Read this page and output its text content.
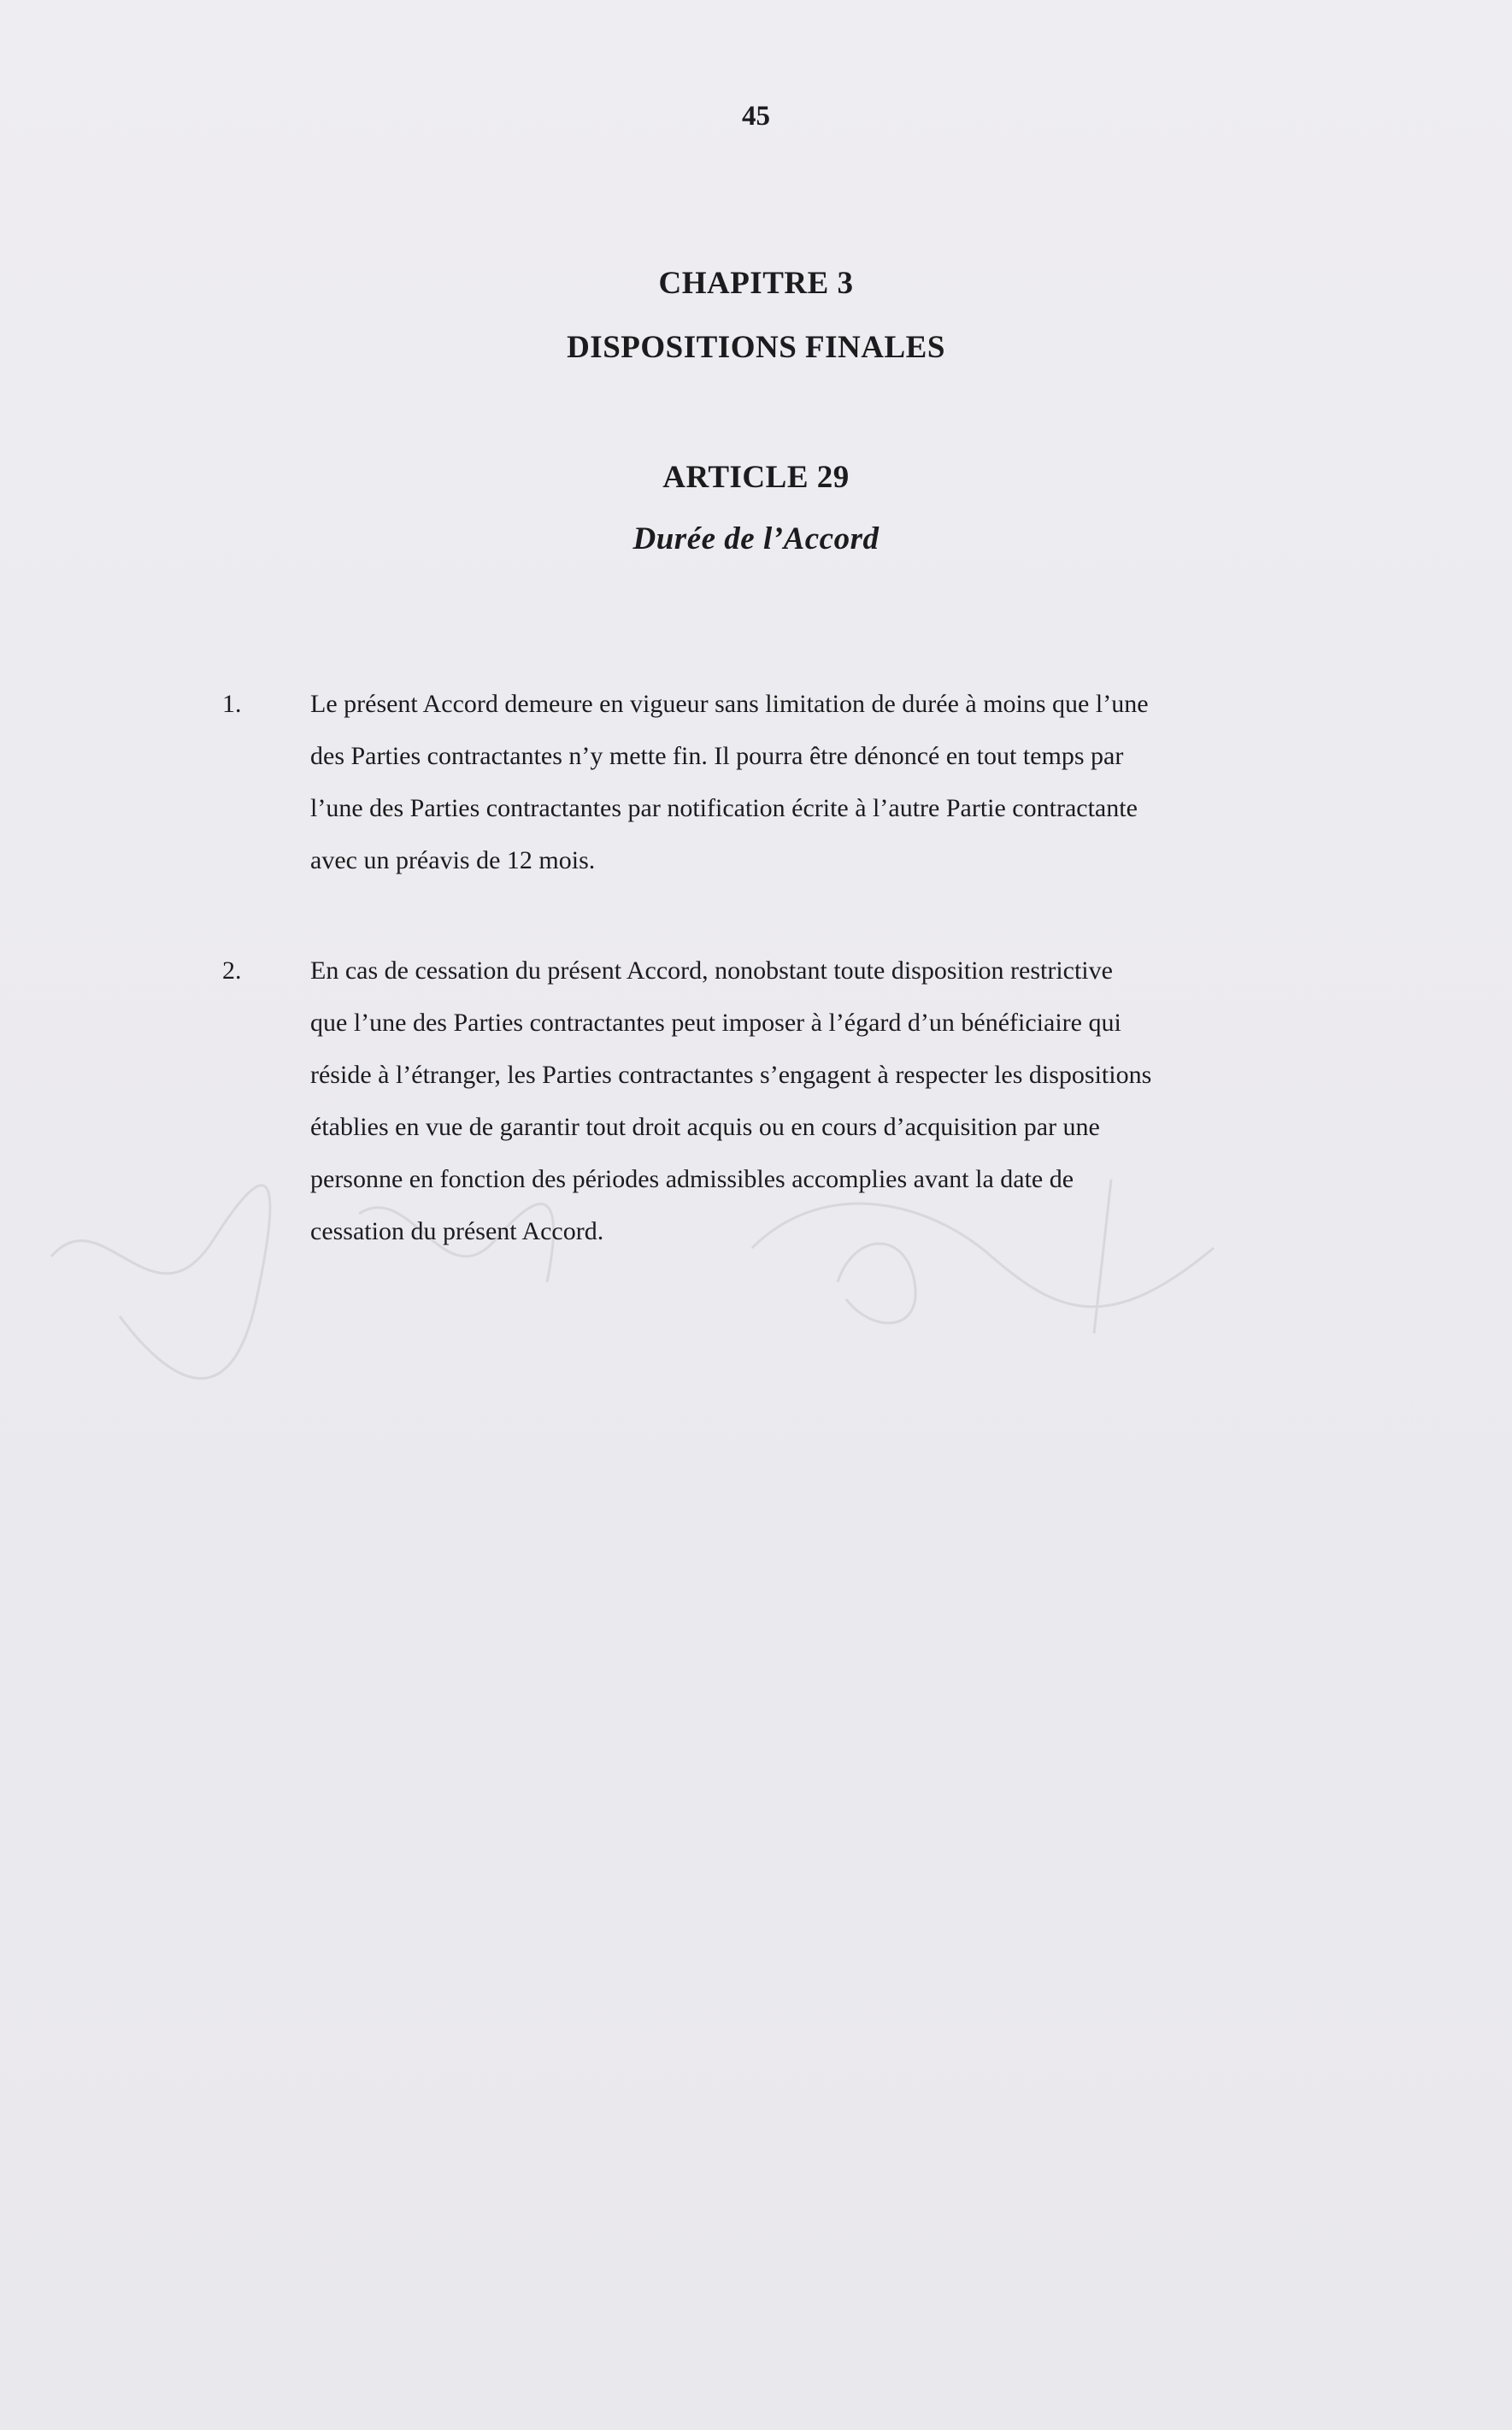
45
CHAPITRE 3
DISPOSITIONS FINALES
ARTICLE 29
Durée de l’Accord
1.	Le présent Accord demeure en vigueur sans limitation de durée à moins que l’une
des Parties contractantes n’y mette fin. Il pourra être dénoncé en tout temps par
l’une des Parties contractantes par notification écrite à l’autre Partie contractante
avec un préavis de 12 mois.
2.	En cas de cessation du présent Accord, nonobstant toute disposition restrictive
que l’une des Parties contractantes peut imposer à l’égard d’un bénéficiaire qui
réside à l’étranger, les Parties contractantes s’engagent à respecter les dispositions
établies en vue de garantir tout droit acquis ou en cours d’acquisition par une
personne en fonction des périodes admissibles accomplies avant la date de
cessation du présent Accord.
